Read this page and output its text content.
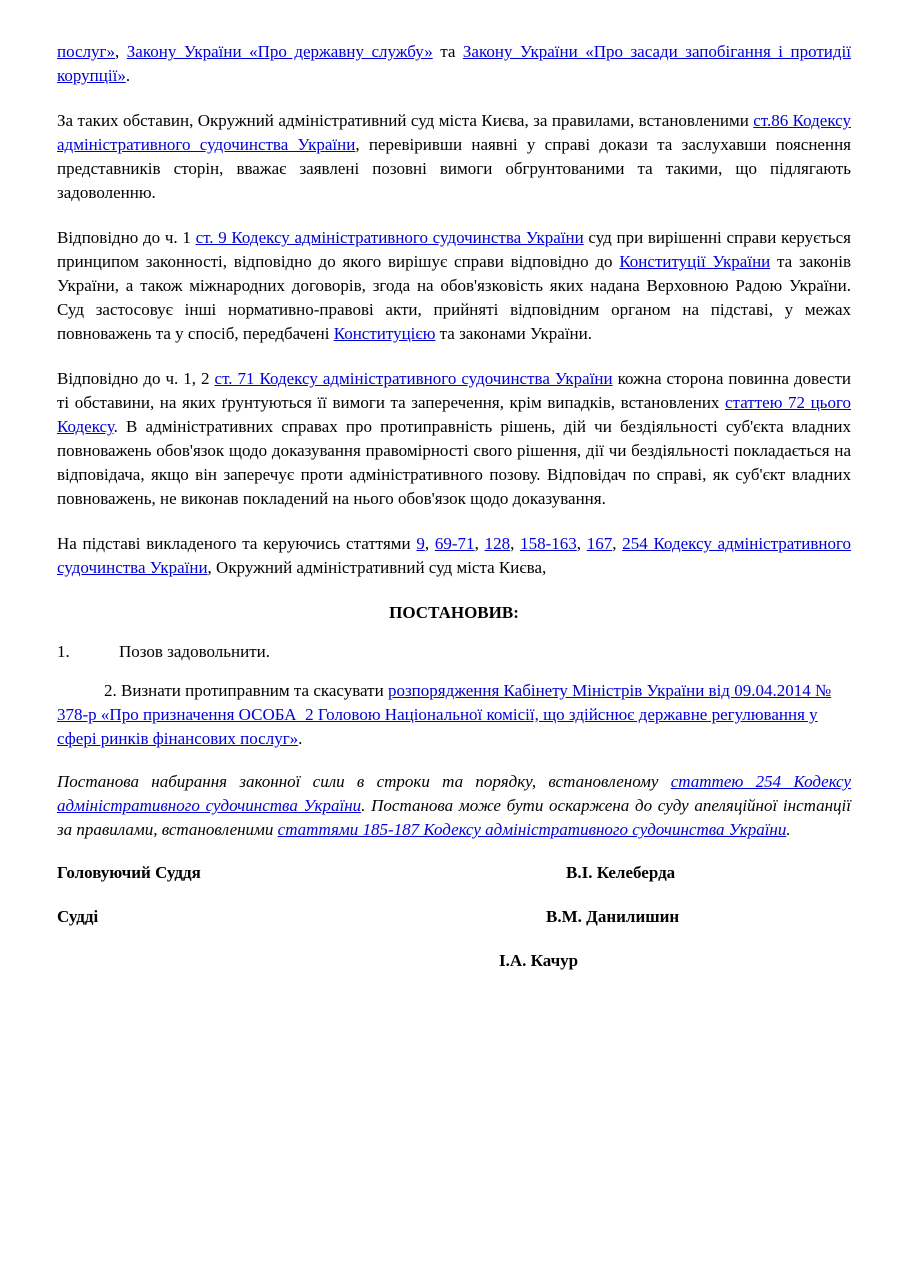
послуг», Закону України «Про державну службу» та Закону України «Про засади запобігання і протидії корупції».

За таких обставин, Окружний адміністративний суд міста Києва, за правилами, встановленими ст.86 Кодексу адміністративного судочинства України, перевіривши наявні у справі докази та заслухавши пояснення представників сторін, вважає заявлені позовні вимоги обгрунтованими та такими, що підлягають задоволенню.

Відповідно до ч. 1 ст. 9 Кодексу адміністративного судочинства України суд при вирішенні справи керується принципом законності, відповідно до якого вирішує справи відповідно до Конституції України та законів України, а також міжнародних договорів, згода на обов'язковість яких надана Верховною Радою України. Суд застосовує інші нормативно-правові акти, прийняті відповідним органом на підставі, у межах повноважень та у спосіб, передбачені Конституцією та законами України.

Відповідно до ч. 1, 2 ст. 71 Кодексу адміністративного судочинства України кожна сторона повинна довести ті обставини, на яких ґрунтуються її вимоги та заперечення, крім випадків, встановлених статтею 72 цього Кодексу. В адміністративних справах про протиправність рішень, дій чи бездіяльності суб'єкта владних повноважень обов'язок щодо доказування правомірності свого рішення, дії чи бездіяльності покладається на відповідача, якщо він заперечує проти адміністративного позову. Відповідач по справі, як суб'єкт владних повноважень, не виконав покладений на нього обов'язок щодо доказування.

На підставі викладеного та керуючись статтями 9, 69-71, 128, 158-163, 167, 254 Кодексу адміністративного судочинства України, Окружний адміністративний суд міста Києва,

ПОСТАНОВИВ:

1.	Позов задовольнити.

2. Визнати протиправним та скасувати розпорядження Кабінету Міністрів України від 09.04.2014 № 378-р «Про призначення ОСОБА_2 Головою Національної комісії, що здійснює державне регулювання у сфері ринків фінансових послуг».

Постанова набирання законної сили в строки та порядку, встановленому статтею 254 Кодексу адміністративного судочинства України. Постанова може бути оскаржена до суду апеляційної інстанції за правилами, встановленими статтями 185-187 Кодексу адміністративного судочинства України.

Головуючий Суддя	В.І. Келеберда
Судді	В.М. Данилишин
І.А. Качур
